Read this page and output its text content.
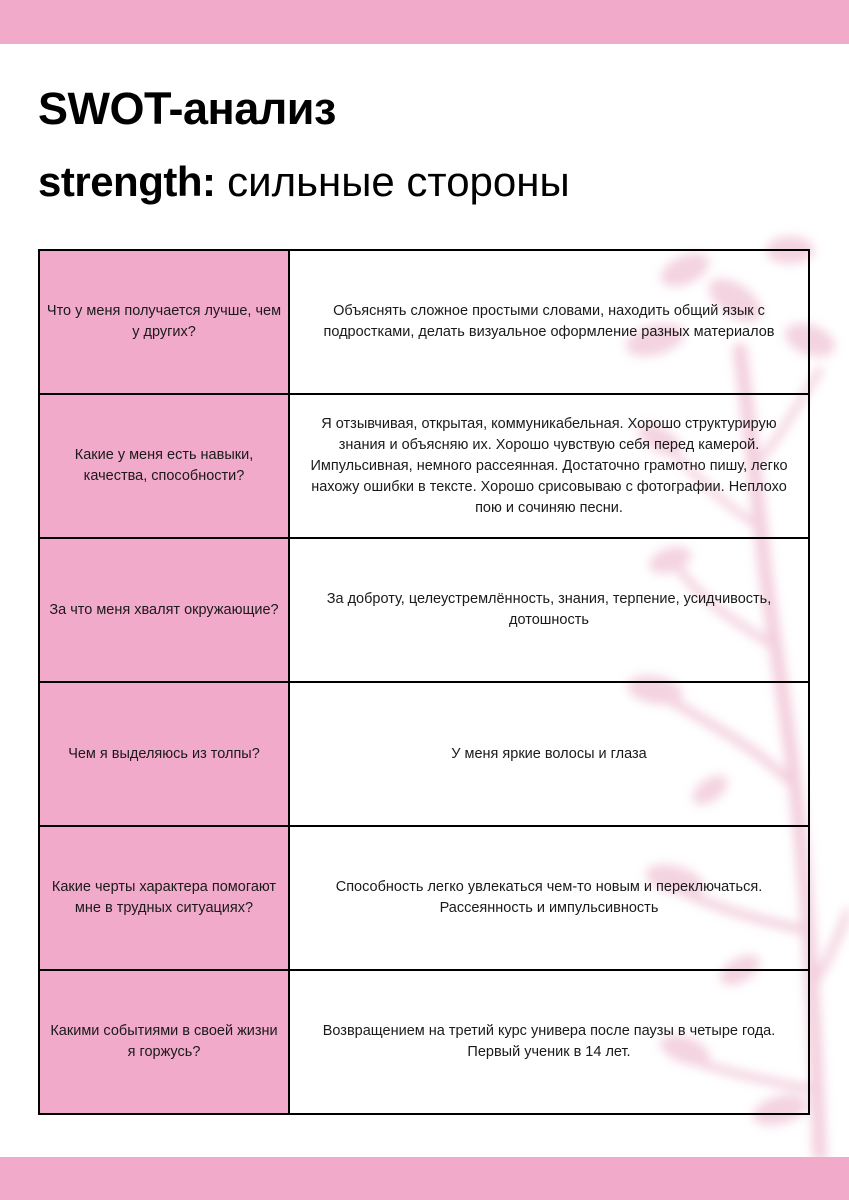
SWOT-анализ
strength: сильные стороны
Что у меня получается лучше, чем у других?	Объяснять сложное простыми словами, находить общий язык с подростками, делать визуальное оформление разных материалов
Какие у меня есть навыки, качества, способности?	Я отзывчивая, открытая, коммуникабельная. Хорошо структурирую знания и объясняю их. Хорошо чувствую себя перед камерой. Импульсивная, немного рассеянная. Достаточно грамотно пишу, легко нахожу ошибки в тексте. Хорошо срисовываю с фотографии. Неплохо пою и сочиняю песни.
За что меня хвалят окружающие?	За доброту, целеустремлённость, знания, терпение, усидчивость, дотошность
Чем я выделяюсь из толпы?	У меня яркие волосы и глаза
Какие черты характера помогают мне в трудных ситуациях?	Способность легко увлекаться чем-то новым и переключаться. Рассеянность и импульсивность
Какими событиями в своей жизни я горжусь?	Возвращением на третий курс универа после паузы в четыре года. Первый ученик в 14 лет.
